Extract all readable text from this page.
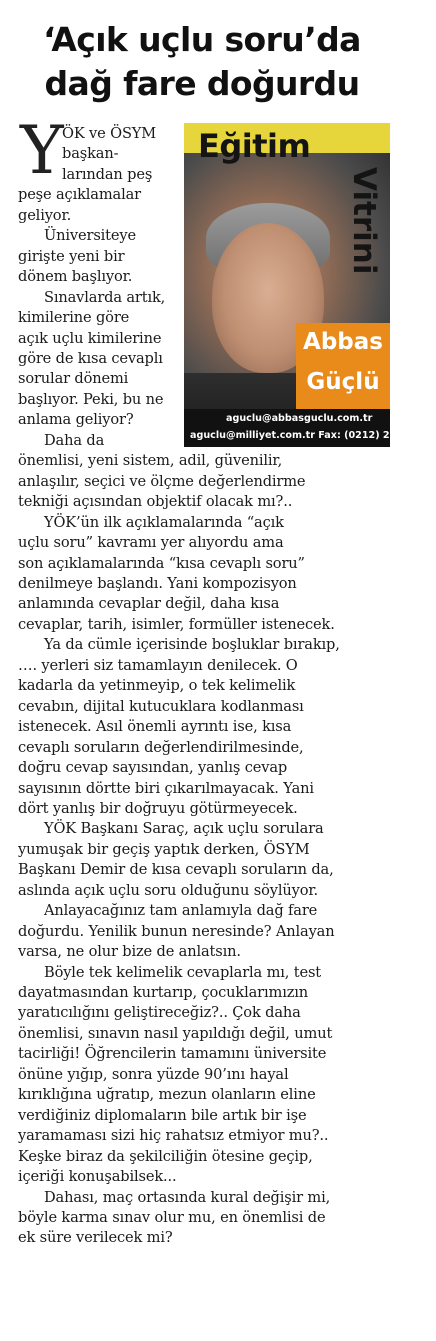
‘Açık uçlu soru’da
dağ fare doğurdu
Y	Eğitim
Vitrini
Abbas
Güçlü
aguclu@abbasguclu.com.tr
aguclu@milliyet.com.tr Fax: (0212) 230 90 17
ÖK ve ÖSYM
başkan-
larından peş
peşe açıklamalar
geliyor.
Üniversiteye
girişte yeni bir
dönem başlıyor.
Sınavlarda artık,
kimilerine göre
açık uçlu kimilerine
göre de kısa cevaplı
sorular dönemi
başlıyor. Peki, bu ne
anlama geliyor?
Daha da
önemlisi, yeni sistem, adil, güvenilir,
anlaşılır, seçici ve ölçme değerlendirme
tekniği açısından objektif olacak mı?..
YÖK’ün ilk açıklamalarında “açık
uçlu soru” kavramı yer alıyordu ama
son açıklamalarında “kısa cevaplı soru”
denilmeye başlandı. Yani kompozisyon
anlamında cevaplar değil, daha kısa
cevaplar, tarih, isimler, formüller istenecek.
Ya da cümle içerisinde boşluklar bırakıp,
…. yerleri siz tamamlayın denilecek. O
kadarla da yetinmeyip, o tek kelimelik
cevabın, dijital kutucuklara kodlanması
istenecek. Asıl önemli ayrıntı ise, kısa
cevaplı soruların değerlendirilmesinde,
doğru cevap sayısından, yanlış cevap
sayısının dörtte biri çıkarılmayacak. Yani
dört yanlış bir doğruyu götürmeyecek.
YÖK Başkanı Saraç, açık uçlu sorulara
yumuşak bir geçiş yaptık derken, ÖSYM
Başkanı Demir de kısa cevaplı soruların da,
aslında açık uçlu soru olduğunu söylüyor.
Anlayacağınız tam anlamıyla dağ fare
doğurdu. Yenilik bunun neresinde? Anlayan
varsa, ne olur bize de anlatsın.
Böyle tek kelimelik cevaplarla mı, test
dayatmasından kurtarıp, çocuklarımızın
yaratıcılığını geliştireceğiz?.. Çok daha
önemlisi, sınavın nasıl yapıldığı değil, umut
tacirliği! Öğrencilerin tamamını üniversite
önüne yığıp, sonra yüzde 90’ını hayal
kırıklığına uğratıp, mezun olanların eline
verdiğiniz diplomaların bile artık bir işe
yaramaması sizi hiç rahatsız etmiyor mu?..
Keşke biraz da şekilciliğin ötesine geçip,
içeriği konuşabilsek...
Dahası, maç ortasında kural değişir mi,
böyle karma sınav olur mu, en önemlisi de
ek süre verilecek mi?
